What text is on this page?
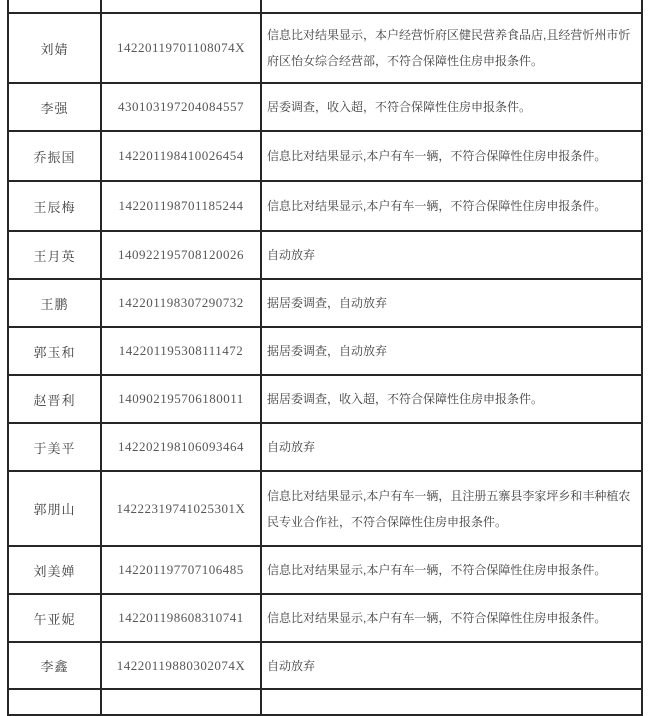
刘婧	14220119701108074X	信息比对结果显示，本户经营忻府区健民营养食品店,且经营忻州市忻府区怡女综合经营部，不符合保障性住房申报条件。
李强	430103197204084557	居委调查，收入超，不符合保障性住房申报条件。
乔振国	142201198410026454	信息比对结果显示,本户有车一辆，不符合保障性住房申报条件。
王辰梅	142201198701185244	信息比对结果显示,本户有车一辆，不符合保障性住房申报条件。
王月英	140922195708120026	自动放弃
王鹏	142201198307290732	据居委调查，自动放弃
郭玉和	142201195308111472	据居委调查，自动放弃
赵晋利	140902195706180011	据居委调查，收入超，不符合保障性住房申报条件。
于美平	142202198106093464	自动放弃
郭朋山	14222319741025301X	信息比对结果显示,本户有车一辆，且注册五寨县李家坪乡和丰种植农民专业合作社，不符合保障性住房申报条件。
刘美婵	142201197707106485	信息比对结果显示,本户有车一辆，不符合保障性住房申报条件。
午亚妮	142201198608310741	信息比对结果显示,本户有车一辆，不符合保障性住房申报条件。
李鑫	14220119880302074X	自动放弃
